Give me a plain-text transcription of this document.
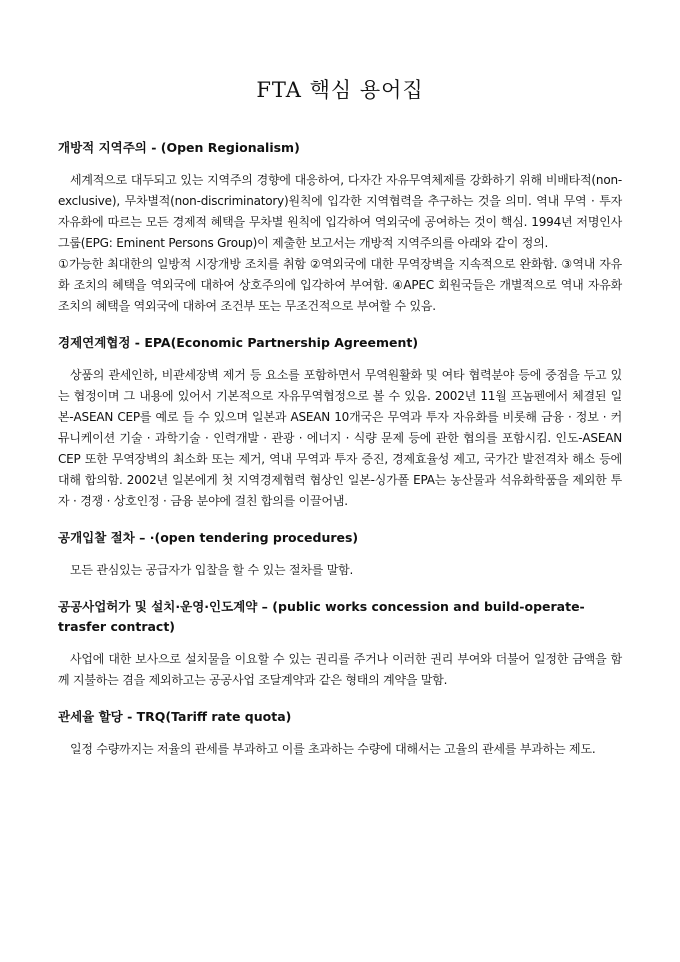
FTA 핵심 용어집
개방적 지역주의 - (Open Regionalism)
세계적으로 대두되고 있는 지역주의 경향에 대응하여, 다자간 자유무역체제를 강화하기 위해 비배타적(non-exclusive), 무차별적(non-discriminatory)원칙에 입각한 지역협력을 추구하는 것을 의미. 역내 무역 · 투자 자유화에 따르는 모든 경제적 혜택을 무차별 원칙에 입각하여 역외국에 공여하는 것이 핵심. 1994년 저명인사그룹(EPG: Eminent Persons Group)이 제출한 보고서는 개방적 지역주의를 아래와 같이 정의.
①가능한 최대한의 일방적 시장개방 조치를 취함 ②역외국에 대한 무역장벽을 지속적으로 완화함. ③역내 자유화 조치의 혜택을 역외국에 대하여 상호주의에 입각하여 부여함. ④APEC 회원국들은 개별적으로 역내 자유화 조치의 혜택을 역외국에 대하여 조건부 또는 무조건적으로 부여할 수 있음.
경제연계협정 - EPA(Economic Partnership Agreement)
상품의 관세인하, 비관세장벽 제거 등 요소를 포함하면서 무역원활화 및 여타 협력분야 등에 중점을 두고 있는 협정이며 그 내용에 있어서 기본적으로 자유무역협정으로 볼 수 있음. 2002년 11월 프놈펜에서 체결된 일본-ASEAN CEP를 예로 들 수 있으며 일본과 ASEAN 10개국은 무역과 투자 자유화를 비롯해 금융 · 정보 · 커뮤니케이션 기술 · 과학기술 · 인력개발 · 관광 · 에너지 · 식량 문제 등에 관한 협의를 포함시킴. 인도-ASEAN CEP 또한 무역장벽의 최소화 또는 제거, 역내 무역과 투자 증진, 경제효율성 제고, 국가간 발전격차 해소 등에 대해 합의함. 2002년 일본에게 첫 지역경제협력 협상인 일본-싱가폴 EPA는 농산물과 석유화학품을 제외한 투자 · 경쟁 · 상호인정 · 금융 분야에 걸친 합의를 이끌어냄.
공개입찰 절차 – ·(open tendering procedures)
모든 관심있는 공급자가 입찰을 할 수 있는 절차를 말함.
공공사업허가 및 설치·운영·인도계약 – (public works concession and build-operate-trasfer contract)
사업에 대한 보사으로 설치물을 이요할 수 있는 권리를 주거나 이러한 권리 부여와 더불어 일정한 금액을 함께 지불하는 겸을 제외하고는 공공사업 조달계약과 같은 형태의 계약을 말함.
관세율 할당 - TRQ(Tariff rate quota)
일정 수량까지는 저율의 관세를 부과하고 이를 초과하는 수량에 대해서는 고율의 관세를 부과하는 제도.
